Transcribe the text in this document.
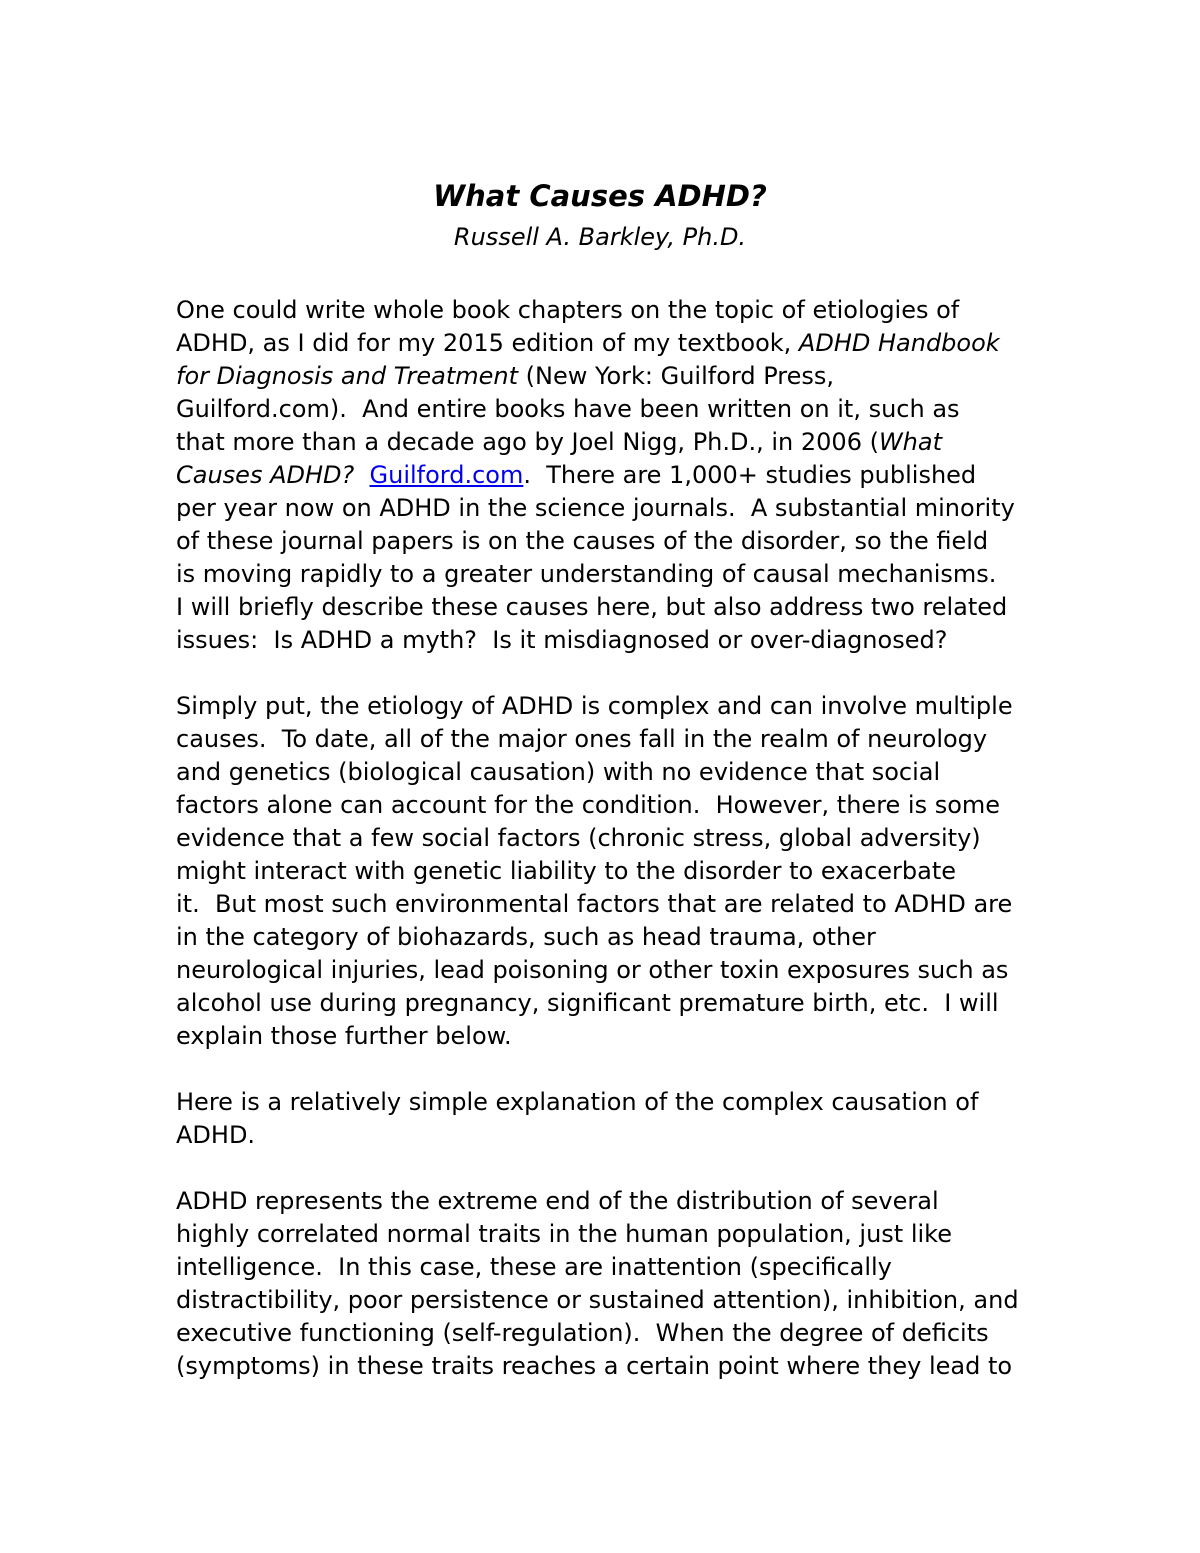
What Causes ADHD?
Russell A. Barkley, Ph.D.
One could write whole book chapters on the topic of etiologies of
ADHD, as I did for my 2015 edition of my textbook, ADHD Handbook
for Diagnosis and Treatment (New York: Guilford Press,
Guilford.com).  And entire books have been written on it, such as
that more than a decade ago by Joel Nigg, Ph.D., in 2006 (What
Causes ADHD? Guilford.com.  There are 1,000+ studies published
per year now on ADHD in the science journals.  A substantial minority
of these journal papers is on the causes of the disorder, so the field
is moving rapidly to a greater understanding of causal mechanisms.
I will briefly describe these causes here, but also address two related
issues:  Is ADHD a myth?  Is it misdiagnosed or over-diagnosed?
Simply put, the etiology of ADHD is complex and can involve multiple
causes.  To date, all of the major ones fall in the realm of neurology
and genetics (biological causation) with no evidence that social
factors alone can account for the condition.  However, there is some
evidence that a few social factors (chronic stress, global adversity)
might interact with genetic liability to the disorder to exacerbate
it.  But most such environmental factors that are related to ADHD are
in the category of biohazards, such as head trauma, other
neurological injuries, lead poisoning or other toxin exposures such as
alcohol use during pregnancy, significant premature birth, etc.  I will
explain those further below.
Here is a relatively simple explanation of the complex causation of
ADHD.
ADHD represents the extreme end of the distribution of several
highly correlated normal traits in the human population, just like
intelligence.  In this case, these are inattention (specifically
distractibility, poor persistence or sustained attention), inhibition, and
executive functioning (self-regulation).  When the degree of deficits
(symptoms) in these traits reaches a certain point where they lead to
